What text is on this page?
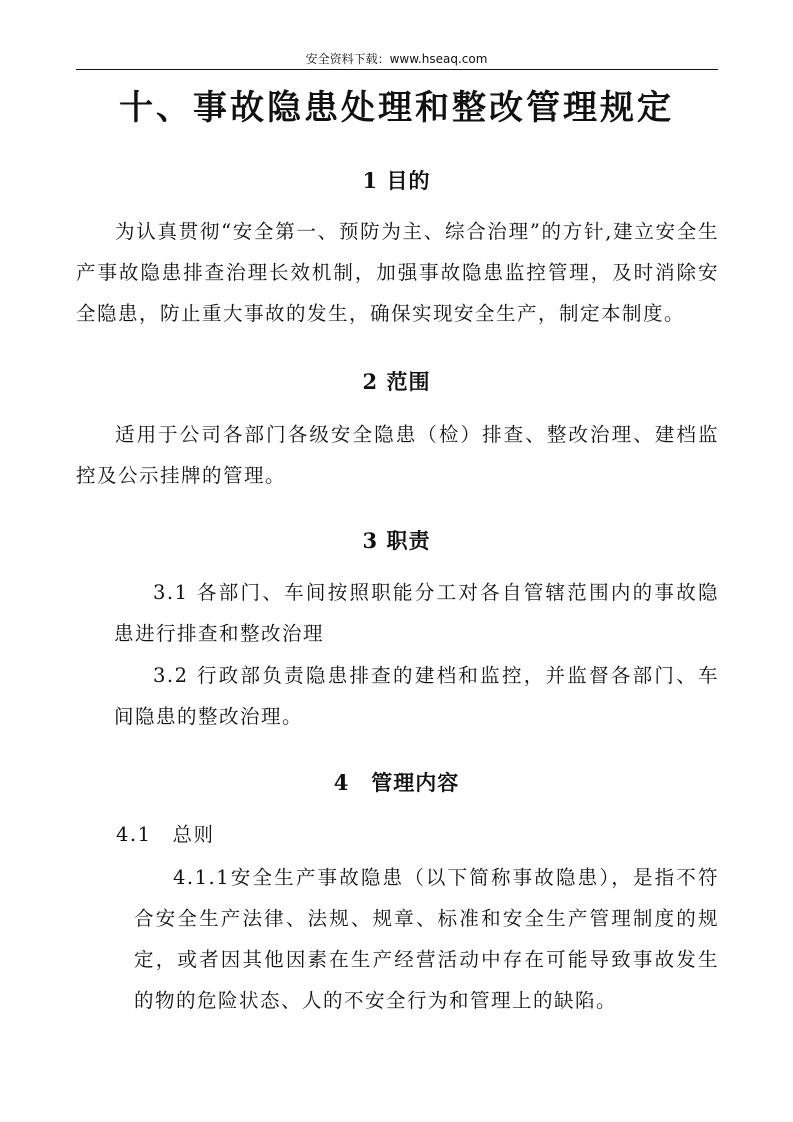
安全资料下载：www.hseaq.com
十、事故隐患处理和整改管理规定
1 目的

为认真贯彻“安全第一、预防为主、综合治理”的方针,建立安全生产事故隐患排查治理长效机制，加强事故隐患监控管理，及时消除安全隐患，防止重大事故的发生，确保实现安全生产，制定本制度。

2 范围

适用于公司各部门各级安全隐患（检）排查、整改治理、建档监控及公示挂牌的管理。

3 职责

3.1 各部门、车间按照职能分工对各自管辖范围内的事故隐患进行排查和整改治理

3.2 行政部负责隐患排查的建档和监控，并监督各部门、车间隐患的整改治理。

4　管理内容
4.1　总则

4.1.1安全生产事故隐患（以下简称事故隐患），是指不符合安全生产法律、法规、规章、标准和安全生产管理制度的规定，或者因其他因素在生产经营活动中存在可能导致事故发生的物的危险状态、人的不安全行为和管理上的缺陷。
